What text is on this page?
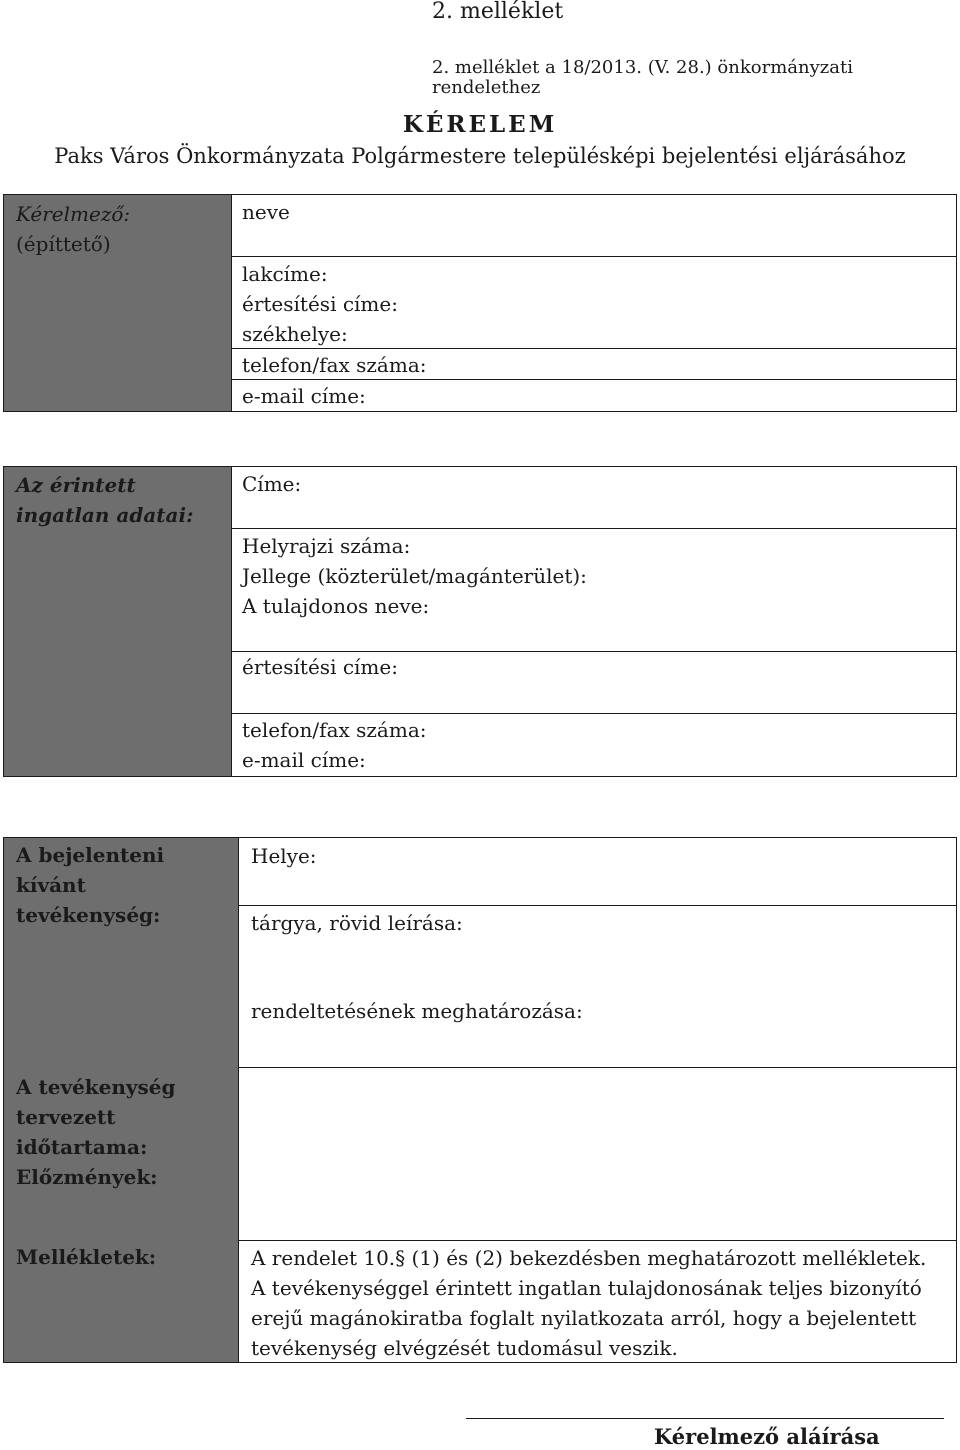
2. melléklet
2. melléklet a 18/2013. (V. 28.) önkormányzati rendelethez
KÉRELEM
Paks Város Önkormányzata Polgármestere településképi bejelentési eljárásához
Kérelmező:
(építtető)
neve
lakcíme:
értesítési címe:
székhelye:
telefon/fax száma:
e-mail címe:
Az érintett
ingatlan adatai:
Címe:
Helyrajzi száma:
Jellege (közterület/magánterület):
A tulajdonos neve:
értesítési címe:
telefon/fax száma:
e-mail címe:
A bejelenteni
kívánt
tevékenység:
A tevékenység
tervezett
időtartama:
Előzmények:
Helye:
tárgya, rövid leírása:
rendeltetésének meghatározása:
Mellékletek:	A rendelet 10.§ (1) és (2) bekezdésben meghatározott mellékletek.
A tevékenységgel érintett ingatlan tulajdonosának teljes bizonyító
erejű magánokiratba foglalt nyilatkozata arról, hogy a bejelentett
tevékenység elvégzését tudomásul veszik.
Kérelmező aláírása
